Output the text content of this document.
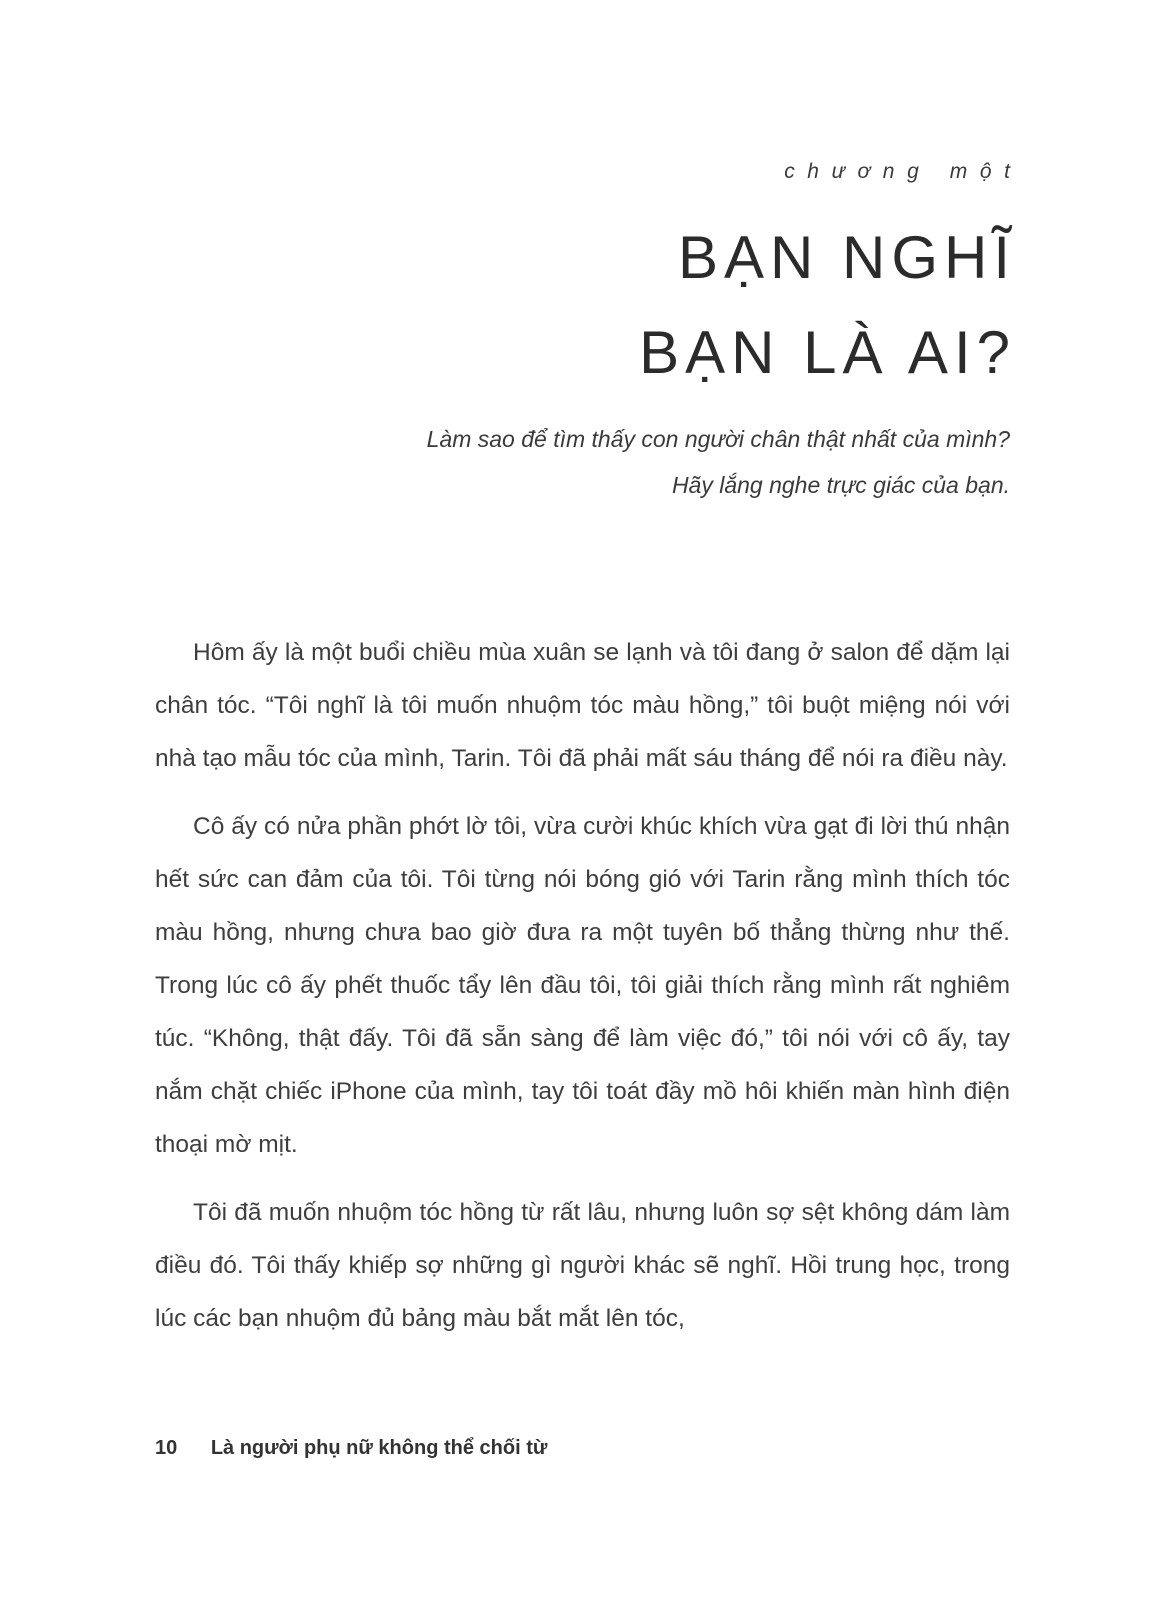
chương một
BẠN NGHĨ
BẠN LÀ AI?
Làm sao để tìm thấy con người chân thật nhất của mình?
Hãy lắng nghe trực giác của bạn.

Hôm ấy là một buổi chiều mùa xuân se lạnh và tôi đang ở salon để dặm lại chân tóc. “Tôi nghĩ là tôi muốn nhuộm tóc màu hồng,” tôi buột miệng nói với nhà tạo mẫu tóc của mình, Tarin. Tôi đã phải mất sáu tháng để nói ra điều này.

Cô ấy có nửa phần phớt lờ tôi, vừa cười khúc khích vừa gạt đi lời thú nhận hết sức can đảm của tôi. Tôi từng nói bóng gió với Tarin rằng mình thích tóc màu hồng, nhưng chưa bao giờ đưa ra một tuyên bố thẳng thừng như thế. Trong lúc cô ấy phết thuốc tẩy lên đầu tôi, tôi giải thích rằng mình rất nghiêm túc. “Không, thật đấy. Tôi đã sẵn sàng để làm việc đó,” tôi nói với cô ấy, tay nắm chặt chiếc iPhone của mình, tay tôi toát đầy mồ hôi khiến màn hình điện thoại mờ mịt.

Tôi đã muốn nhuộm tóc hồng từ rất lâu, nhưng luôn sợ sệt không dám làm điều đó. Tôi thấy khiếp sợ những gì người khác sẽ nghĩ. Hồi trung học, trong lúc các bạn nhuộm đủ bảng màu bắt mắt lên tóc,

10 Là người phụ nữ không thể chối từ
